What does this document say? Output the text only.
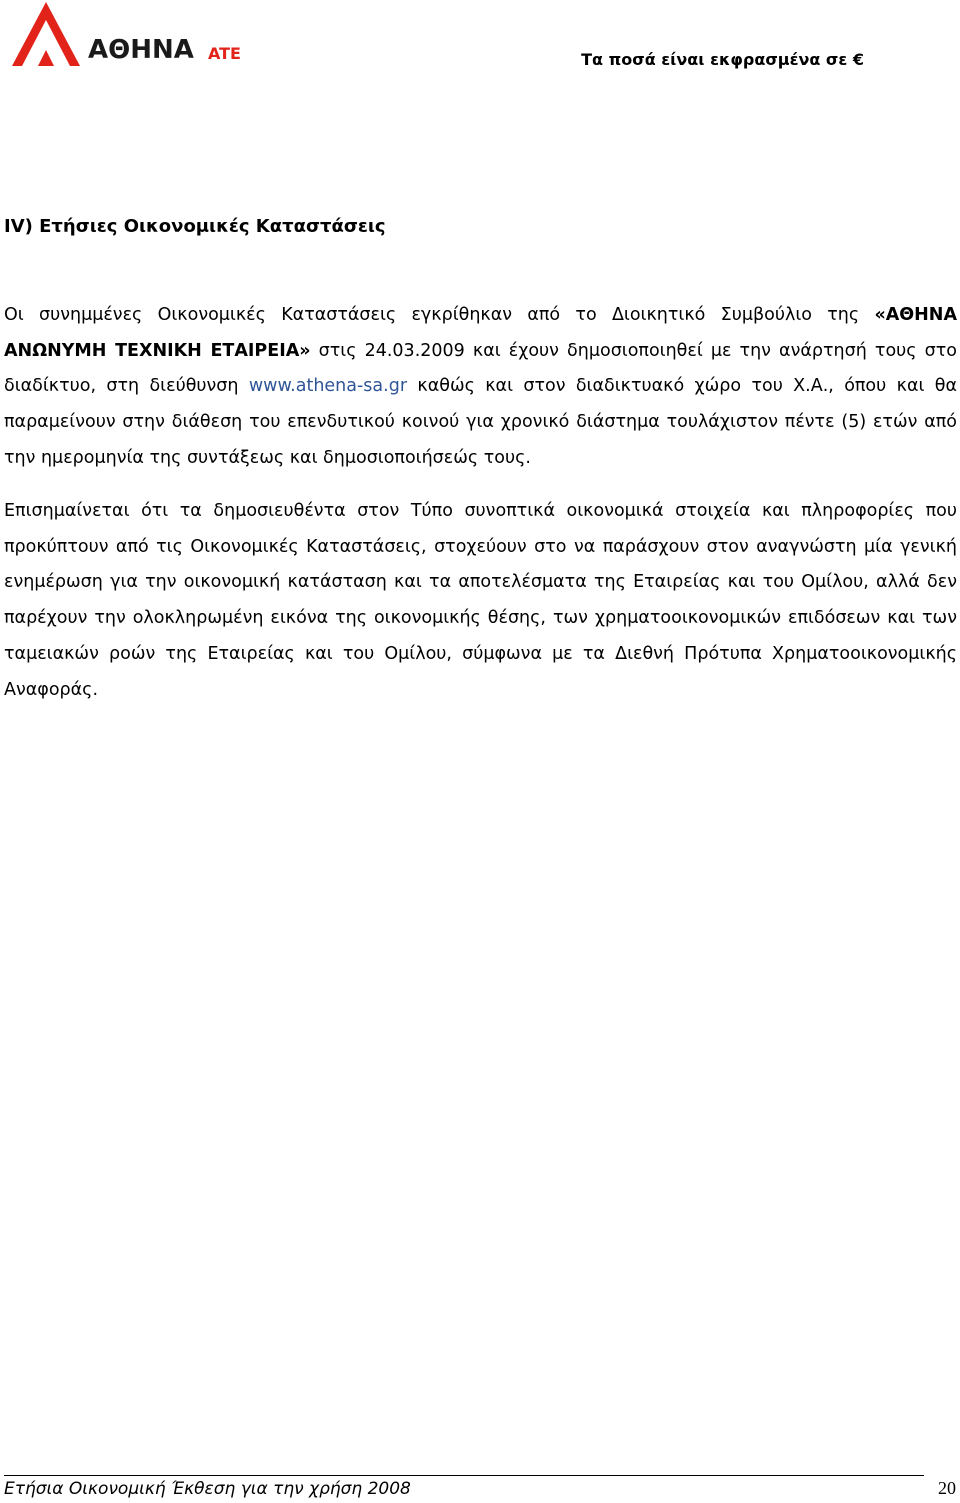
ΑΘΗΝΑ ATE	Τα ποσά είναι εκφρασμένα σε €
IV) Ετήσιες Οικονομικές Καταστάσεις

Οι συνημμένες Οικονομικές Καταστάσεις εγκρίθηκαν από το Διοικητικό Συμβούλιο της «ΑΘΗΝΑ ΑΝΩΝΥΜΗ ΤΕΧΝΙΚΗ ΕΤΑΙΡΕΙΑ» στις 24.03.2009 και έχουν δημοσιοποιηθεί με την ανάρτησή τους στο διαδίκτυο, στη διεύθυνση www.athena-sa.gr καθώς και στον διαδικτυακό χώρο του Χ.Α., όπου και θα παραμείνουν στην διάθεση του επενδυτικού κοινού για χρονικό διάστημα τουλάχιστον πέντε (5) ετών από την ημερομηνία της συντάξεως και δημοσιοποιήσεώς τους.

Επισημαίνεται ότι τα δημοσιευθέντα στον Τύπο συνοπτικά οικονομικά στοιχεία και πληροφορίες που προκύπτουν από τις Οικονομικές Καταστάσεις, στοχεύουν στο να παράσχουν στον αναγνώστη μία γενική ενημέρωση για την οικονομική κατάσταση και τα αποτελέσματα της Εταιρείας και του Ομίλου, αλλά δεν παρέχουν την ολοκληρωμένη εικόνα της οικονομικής θέσης, των χρηματοοικονομικών επιδόσεων και των ταμειακών ροών της Εταιρείας και του Ομίλου, σύμφωνα με τα Διεθνή Πρότυπα Χρηματοοικονομικής Αναφοράς.

Ετήσια Οικονομική Έκθεση για την χρήση 2008	20
